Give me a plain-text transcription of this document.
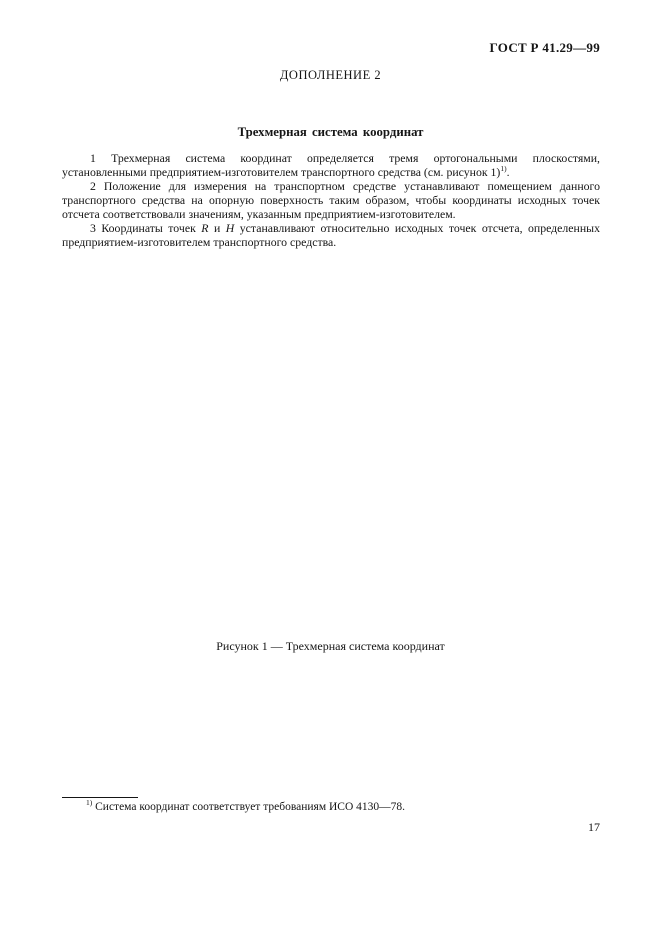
ГОСТ Р 41.29—99
ДОПОЛНЕНИЕ 2
Трехмерная система координат

1 Трехмерная система координат определяется тремя ортогональными плоскостями, установленными предприятием-изготовителем транспортного средства (см. рисунок 1)$^{1)}$.

2 Положение для измерения на транспортном средстве устанавливают помещением данного транспортного средства на опорную поверхность таким образом, чтобы координаты исходных точек отсчета соответствовали значениям, указанным предприятием-изготовителем.

3 Координаты точек R и H устанавливают относительно исходных точек отсчета, определенных предприятием-изготовителем транспортного средства.

Рисунок 1 — Трехмерная система координат
$^{1)}$ Система координат соответствует требованиям ИСО 4130—78.
17
